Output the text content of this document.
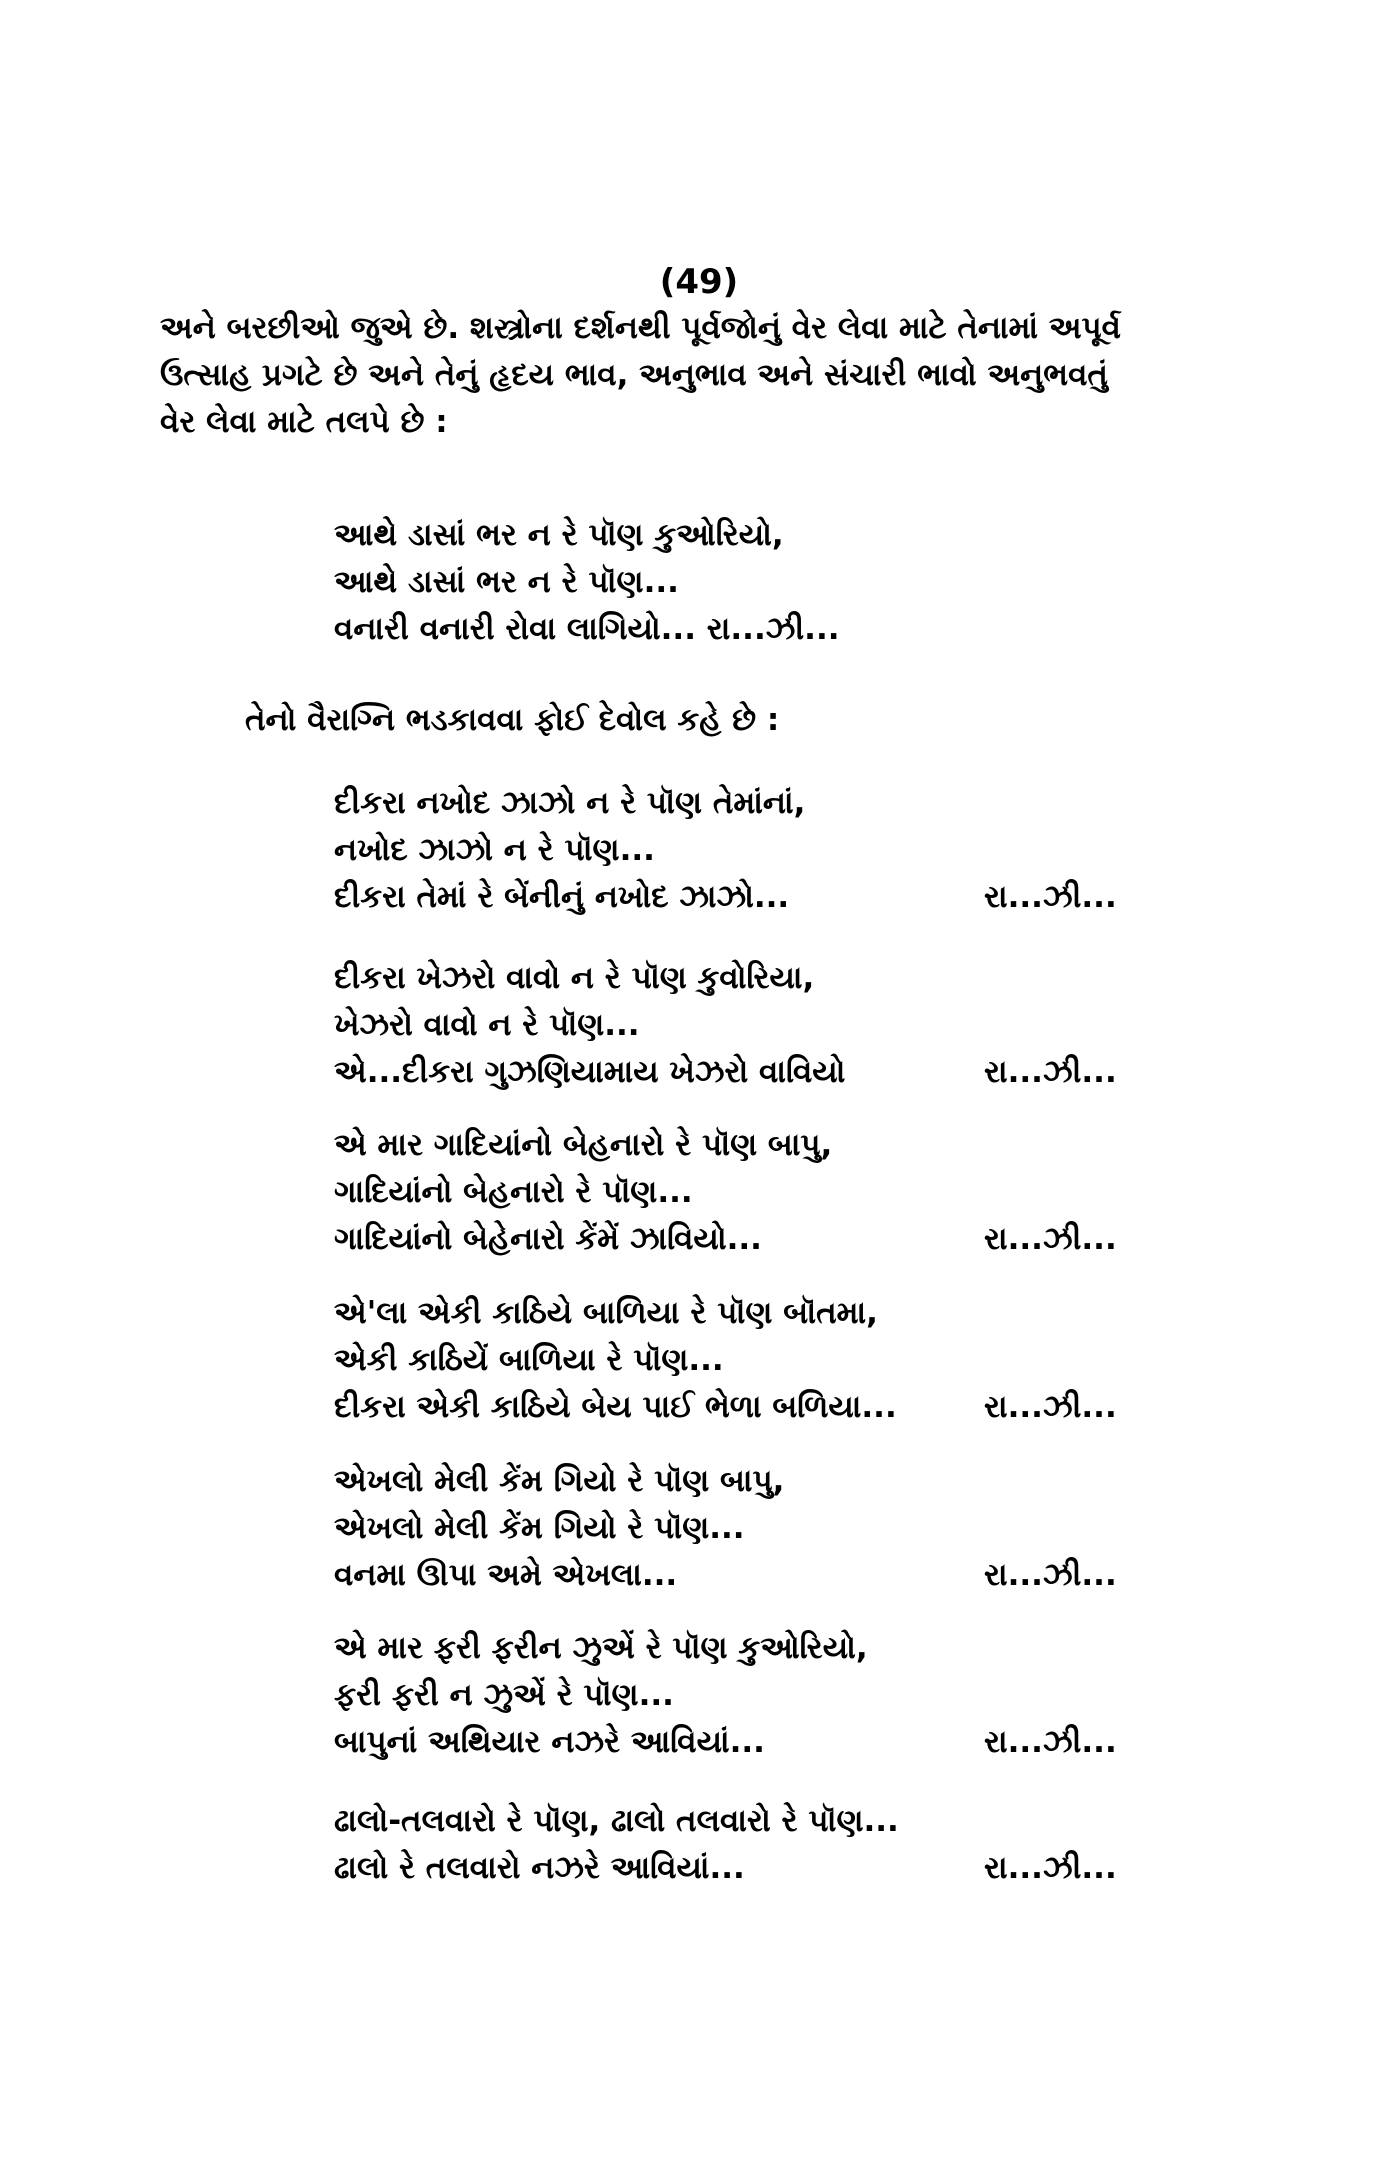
(49)
અને બરછીઓ જુએ છે. શસ્ત્રોના દર્શનથી પૂર્વજોનું વેર લેવા માટે તેનામાં અપૂર્વ
ઉત્સાહ પ્રગટે છે અને તેનું હૃદય ભાવ, અનુભાવ અને સંચારી ભાવો અનુભવતું
વેર લેવા માટે તલપે છે :
આથે ડાસાં ભર ન રે પૉણ કુઓરિયો,
આથે ડાસાં ભર ન રે પૉણ...
વનારી વનારી રોવા લાગિયો... રા...ઝી...
તેનો વૈરાગ્નિ ભડકાવવા ફોઈ દેવોલ કહે છે :
દીકરા નખોદ ઝાઝો ન રે પૉણ તેમાંનાં,
નખોદ ઝાઝો ન રે પૉણ...
દીકરા તેમાં રે બેંનીનું નખોદ ઝાઝો...	રા...ઝી...
દીકરા ખેઝરો વાવો ન રે પૉણ કુવોરિયા,
ખેઝરો વાવો ન રે પૉણ...
એ...દીકરા ગુઝણિયામાય ખેઝરો વાવિયો	રા...ઝી...
એ માર ગાદિયાંનો બેહનારો રે પૉણ બાપુ,
ગાદિયાંનો બેહનારો રે પૉણ...
ગાદિયાંનો બેહેનારો કેંમેં ઝાવિયો...	રા...ઝી...
એ'લા એકી કાઠિયે બાળિયા રે પૉણ બૉતમા,
એકી કાઠિયેં બાળિયા રે પૉણ...
દીકરા એકી કાઠિયે બેય પાઈ ભેળા બળિયા...	રા...ઝી...
એખલો મેલી કેંમ ગિયો રે પૉણ બાપુ,
એખલો મેલી કેંમ ગિયો રે પૉણ...
વનમા ઊપા અમે એખલા...	રા...ઝી...
એ માર ફરી ફરીન ઝુએં રે પૉણ કુઓરિયો,
ફરી ફરી ન ઝુએં રે પૉણ...
બાપુનાં અથિયાર નઝરે આવિયાં...	રા...ઝી...
ઢાલો-તલવારો રે પૉણ, ઢાલો તલવારો રે પૉણ...
ઢાલો રે તલવારો નઝરે આવિયાં...	રા...ઝી...
